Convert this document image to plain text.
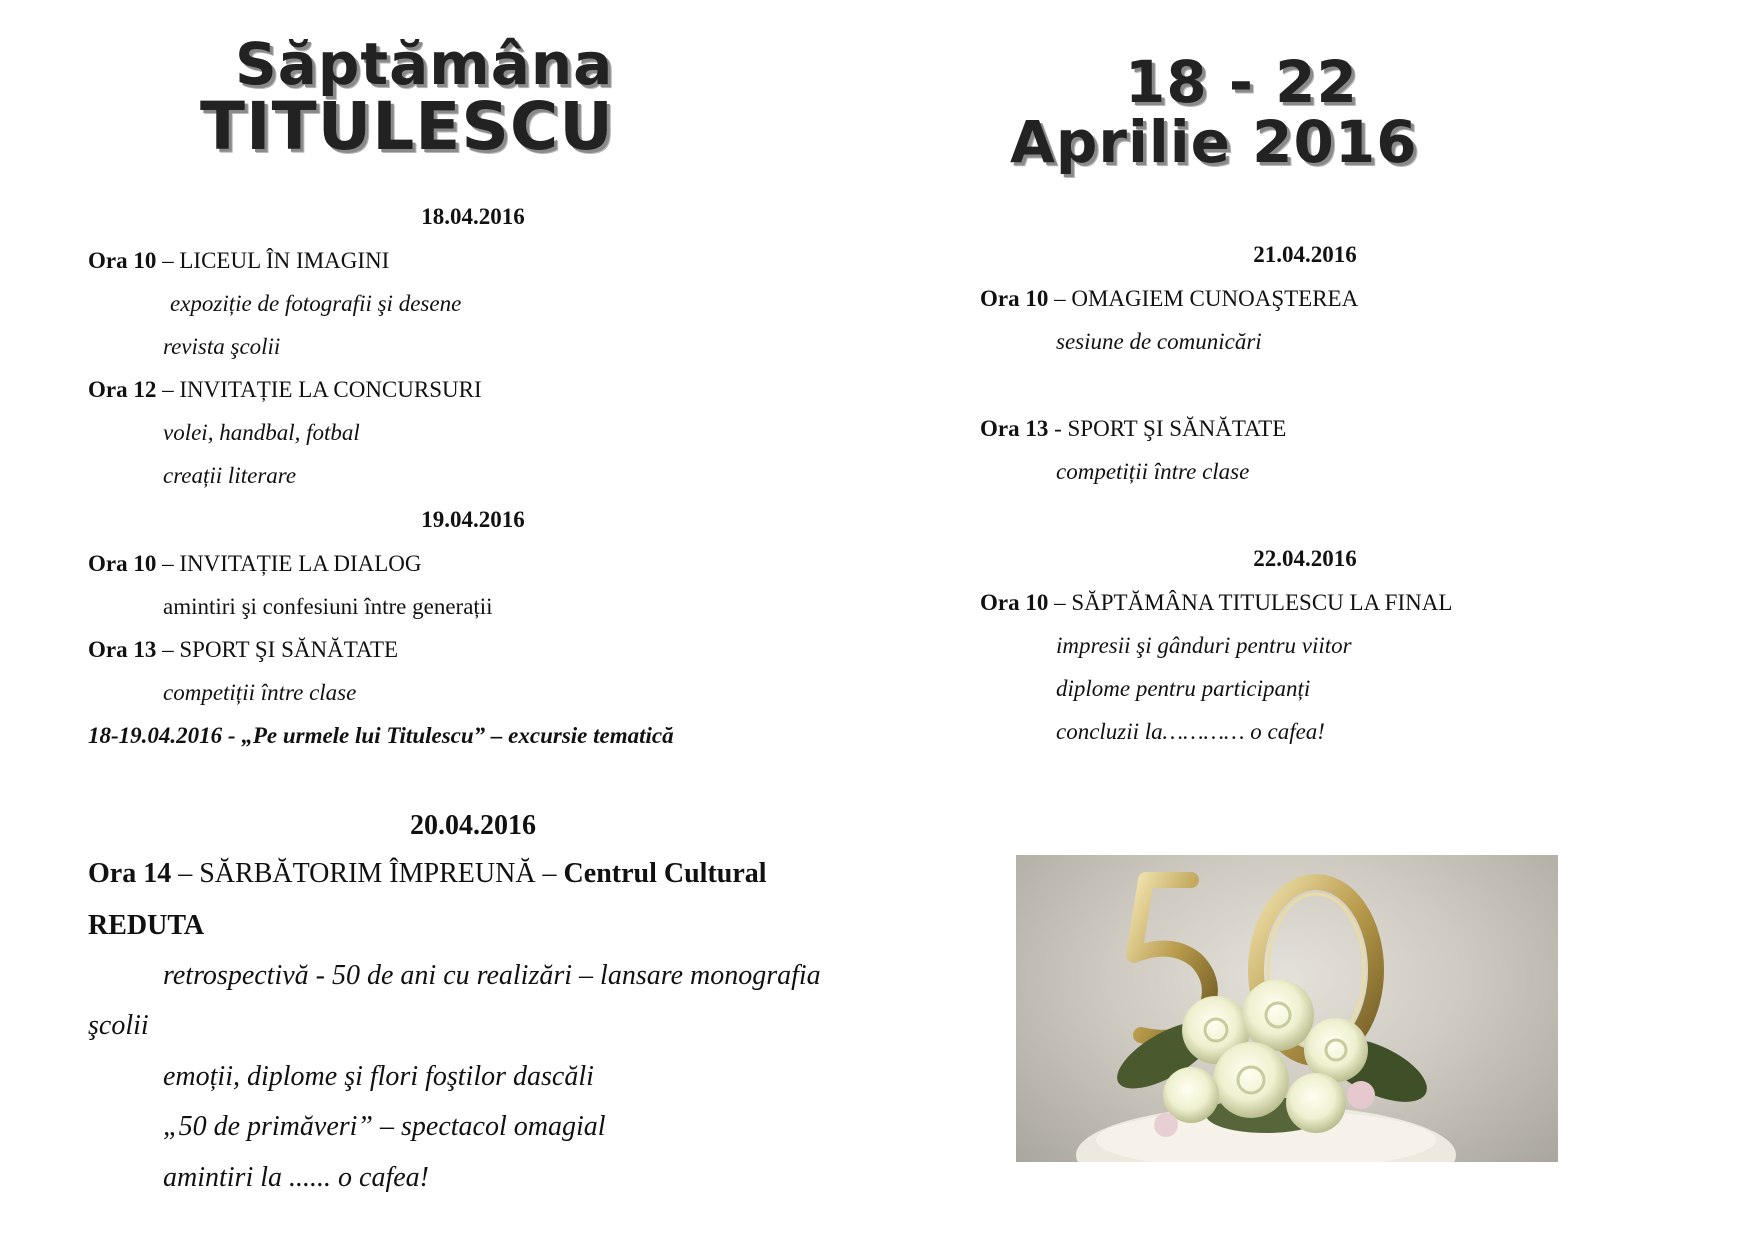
Săptămâna
TITULESCU
18 - 22
Aprilie 2016
18.04.2016
Ora 10 – LICEUL ÎN IMAGINI
expoziție de fotografii şi desene
revista şcolii
Ora 12 – INVITAȚIE LA CONCURSURI
volei, handbal, fotbal
creații literare
19.04.2016
Ora 10 – INVITAȚIE LA DIALOG
amintiri şi confesiuni între generații
Ora 13 – SPORT ŞI SĂNĂTATE
competiții între clase
18-19.04.2016 - „Pe urmele lui Titulescu” – excursie tematică
20.04.2016
Ora 14 – SĂRBĂTORIM ÎMPREUNĂ – Centrul Cultural
REDUTA
retrospectivă - 50 de ani cu realizări – lansare monografia
şcolii
emoții, diplome şi flori foştilor dascăli
„50 de primăveri” – spectacol omagial
amintiri la ...... o cafea!
21.04.2016
Ora 10 – OMAGIEM CUNOAŞTEREA
sesiune de comunicări
Ora 13 - SPORT ŞI SĂNĂTATE
competiții între clase
22.04.2016
Ora 10 – SĂPTĂMÂNA TITULESCU LA FINAL
impresii şi gânduri pentru viitor
diplome pentru participanți
concluzii la………… o cafea!
